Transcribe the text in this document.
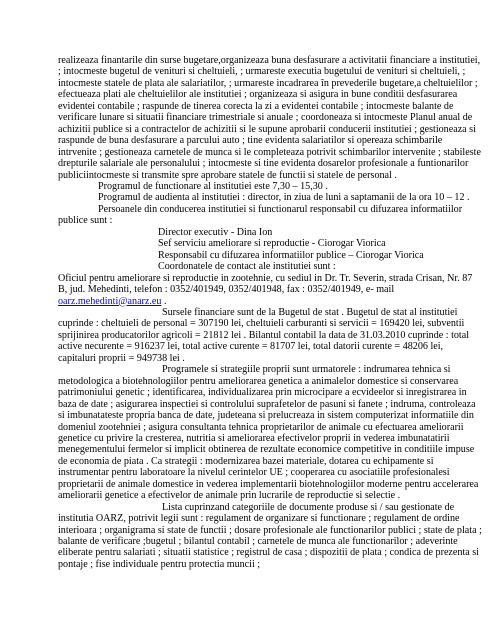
realizeaza finantarile din surse bugetare,organizeaza buna desfasurare a activitatii financiare a institutiei, ; intocmeste bugetul de venituri si cheltuieli, ; urmareste executia bugetului de venituri si cheltuieli, ; intocmeste statele de plata ale salariatilor, ; urmareste incadrarea în prevederile bugetare,a cheltuielilor ; efectueaza plati ale cheltuielilor ale institutiei ; organizeaza si asigura in bune conditii desfasurarea evidentei contabile ; raspunde de tinerea corecta la zi a evidentei contabile ; intocmeste balante de verificare lunare si situatii financiare trimestriale si anuale ; coordoneaza si intocmeste Planul anual de achizitii publice si a contractelor de achizitii si le supune aprobarii conducerii institutiei ; gestioneaza si raspunde de buna desfasurare a parcului auto ; tine evidenta salariatilor si opereaza schimbarile intrvenite ; gestioneaza carnetele de munca si le completeaza potrivit schimbarilor intervenite ; stabileste drepturile salariale ale personalului ; intocmeste si tine evidenta dosarelor profesionale a funtionarilor publiciintocmeste si transmite spre aprobare statele de functii si statele de personal .

Programul de functionare al institutiei este 7,30 – 15,30 .

Programul de audienta al institutiei : director, in ziua de luni a saptamanii de la ora 10 – 12 .

Persoanele din conducerea institutiei si functionarul responsabil cu difuzarea informatiilor publice sunt :

Director executiv - Dina Ion

Sef serviciu ameliorare si reproductie - Ciorogar Viorica

Responsabil cu difuzarea informatiilor publice – Ciorogar Viorica

Coordonatele de contact ale institutiei sunt :

Oficiul pentru ameliorare si reproductie in zootehnie, cu sediul in Dr. Tr. Severin, strada Crisan, Nr. 87 B, jud. Mehedinti, telefon : 0352/401949, 0352/401948, fax : 0352/401949, e- mail oarz.mehedinti@anarz.eu .

Sursele financiare sunt de la Bugetul de stat . Bugetul de stat al institutiei cuprinde : cheltuieli de personal = 307190 lei, cheltuieli carburanti si servicii = 169420 lei, subventii sprijinirea producatorilor agricoli = 21812 lei . Bilantul contabil la data de 31.03.2010 cuprinde : total active necurente = 916237 lei, total active curente = 81707 lei, total datorii curente = 48206 lei, capitaluri proprii = 949738 lei .

Programele si strategiile proprii sunt urmatorele : indrumarea tehnica si metodologica a biotehnologiilor pentru ameliorarea genetica a animalelor domestice si conservarea patrimoniului genetic ; identificarea, individualizarea prin microcipare a ecvideelor si inregistrarea in baza de date ; asigurarea inspectiei si controlului suprafetelor de pasuni si fanete ; indruma, controleaza si imbunatateste propria banca de date, judeteana si prelucreaza in sistem computerizat informatiile din domeniul zootehniei ; asigura consultanta tehnica proprietarilor de animale cu efectuarea ameliorarii genetice cu privire la cresterea, nutritia si ameliorarea efectivelor proprii in vederea imbunatatirii menegementului fermelor si implicit obtinerea de rezultate economice competitive in conditiile impuse de economia de piata . Ca strategii : modernizarea bazei materiale, dotarea cu echipamente si instrumentar pentru laboratoare la nivelul cerintelor UE ; cooperarea cu asociatiile profesionalesi proprietarii de animale domestice in vederea implementarii biotehnologiilor moderne pentru accelerarea ameliorarii genetice a efectivelor de animale prin lucrarile de reproductie si selectie .

Lista cuprinzand categoriile de documente produse si / sau gestionate de institutia OARZ, potrivit legii sunt : regulament de organizare si functionare ; regulament de ordine interioara ; organigrama si state de functii ; dosare profesionale ale functionarilor publici ; state de plata ; balante de verificare ;bugetul ; bilantul contabil ; carnetele de munca ale functionarilor ; adeverinte eliberate pentru salariati ; situatii statistice ; registrul de casa ; dispozitii de plata ; condica de prezenta si pontaje ; fise individuale pentru protectia muncii ;
